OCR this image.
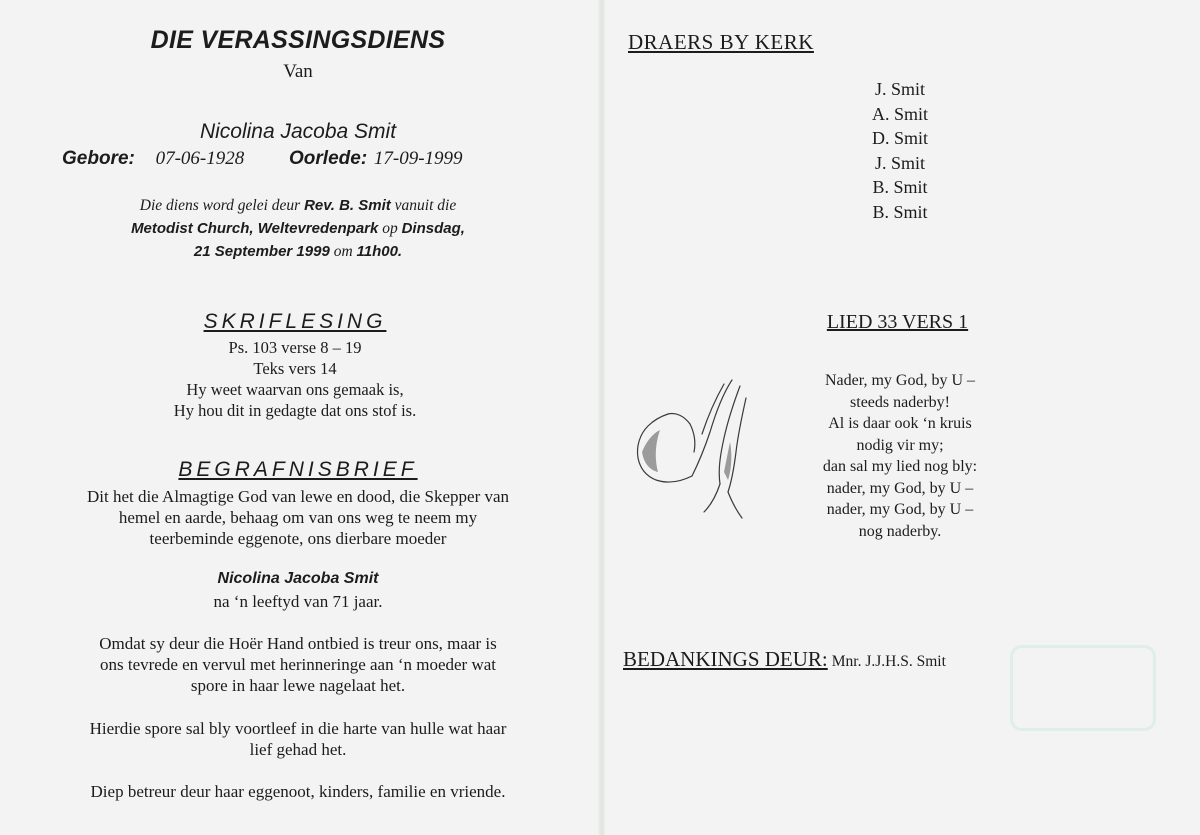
DIE VERASSINGSDIENS
Van
Nicolina Jacoba Smit
Gebore: 07-06-1928 Oorlede: 17-09-1999
Die diens word gelei deur Rev. B. Smit vanuit die
Metodist Church, Weltevredenpark op Dinsdag,
21 September 1999 om 11h00.
SKRIFLESING
Ps. 103 verse 8 – 19
Teks vers 14
Hy weet waarvan ons gemaak is,
Hy hou dit in gedagte dat ons stof is.
BEGRAFNISBRIEF
Dit het die Almagtige God van lewe en dood, die Skepper van
hemel en aarde, behaag om van ons weg te neem my
teerbeminde eggenote, ons dierbare moeder
Nicolina Jacoba Smit
na ‘n leeftyd van 71 jaar.
Omdat sy deur die Hoër Hand ontbied is treur ons, maar is
ons tevrede en vervul met herinneringe aan ‘n moeder wat
spore in haar lewe nagelaat het.
Hierdie spore sal bly voortleef in die harte van hulle wat haar
lief gehad het.
Diep betreur deur haar eggenoot, kinders, familie en vriende.
DRAERS BY KERK
J. Smit
A. Smit
D. Smit
J. Smit
B. Smit
B. Smit
LIED 33 VERS 1
Nader, my God, by U –
steeds naderby!
Al is daar ook ‘n kruis
nodig vir my;
dan sal my lied nog bly:
nader, my God, by U –
nader, my God, by U –
nog naderby.
BEDANKINGS DEUR: Mnr. J.J.H.S. Smit
